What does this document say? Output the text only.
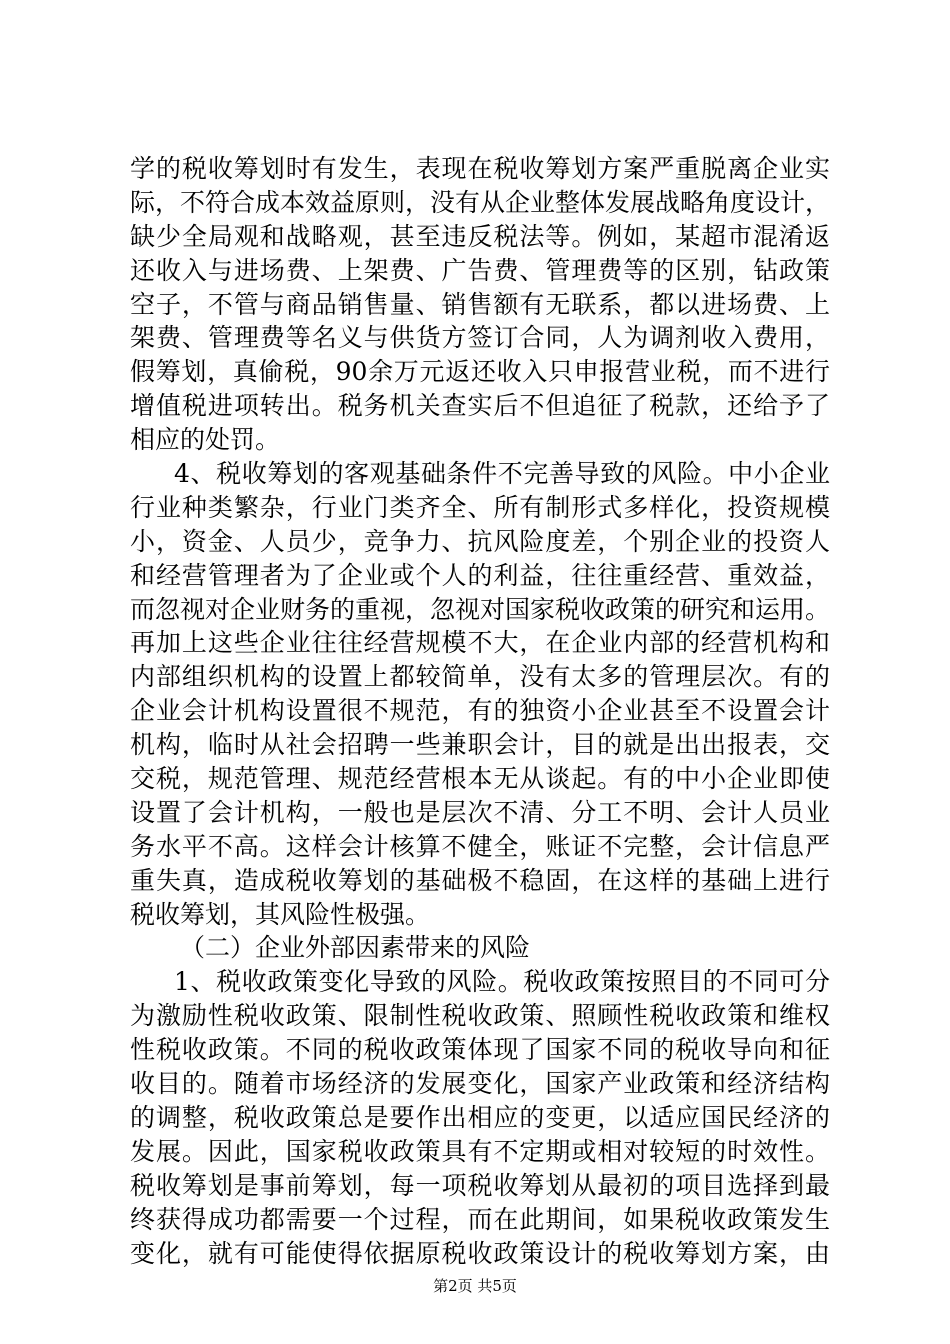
学的税收筹划时有发生，表现在税收筹划方案严重脱离企业实
际，不符合成本效益原则，没有从企业整体发展战略角度设计，
缺少全局观和战略观，甚至违反税法等。例如，某超市混淆返
还收入与进场费、上架费、广告费、管理费等的区别，钻政策
空子，不管与商品销售量、销售额有无联系，都以进场费、上
架费、管理费等名义与供货方签订合同，人为调剂收入费用，
假筹划，真偷税，90余万元返还收入只申报营业税，而不进行
增值税进项转出。税务机关查实后不但追征了税款，还给予了
相应的处罚。
4、税收筹划的客观基础条件不完善导致的风险。中小企业
行业种类繁杂，行业门类齐全、所有制形式多样化，投资规模
小，资金、人员少，竞争力、抗风险度差，个别企业的投资人
和经营管理者为了企业或个人的利益，往往重经营、重效益，
而忽视对企业财务的重视，忽视对国家税收政策的研究和运用。
再加上这些企业往往经营规模不大，在企业内部的经营机构和
内部组织机构的设置上都较简单，没有太多的管理层次。有的
企业会计机构设置很不规范，有的独资小企业甚至不设置会计
机构，临时从社会招聘一些兼职会计，目的就是出出报表，交
交税，规范管理、规范经营根本无从谈起。有的中小企业即使
设置了会计机构，一般也是层次不清、分工不明、会计人员业
务水平不高。这样会计核算不健全，账证不完整，会计信息严
重失真，造成税收筹划的基础极不稳固，在这样的基础上进行
税收筹划，其风险性极强。
（二）企业外部因素带来的风险
1、税收政策变化导致的风险。税收政策按照目的不同可分
为激励性税收政策、限制性税收政策、照顾性税收政策和维权
性税收政策。不同的税收政策体现了国家不同的税收导向和征
收目的。随着市场经济的发展变化，国家产业政策和经济结构
的调整，税收政策总是要作出相应的变更，以适应国民经济的
发展。因此，国家税收政策具有不定期或相对较短的时效性。
税收筹划是事前筹划，每一项税收筹划从最初的项目选择到最
终获得成功都需要一个过程，而在此期间，如果税收政策发生
变化，就有可能使得依据原税收政策设计的税收筹划方案，由
第2页 共5页
